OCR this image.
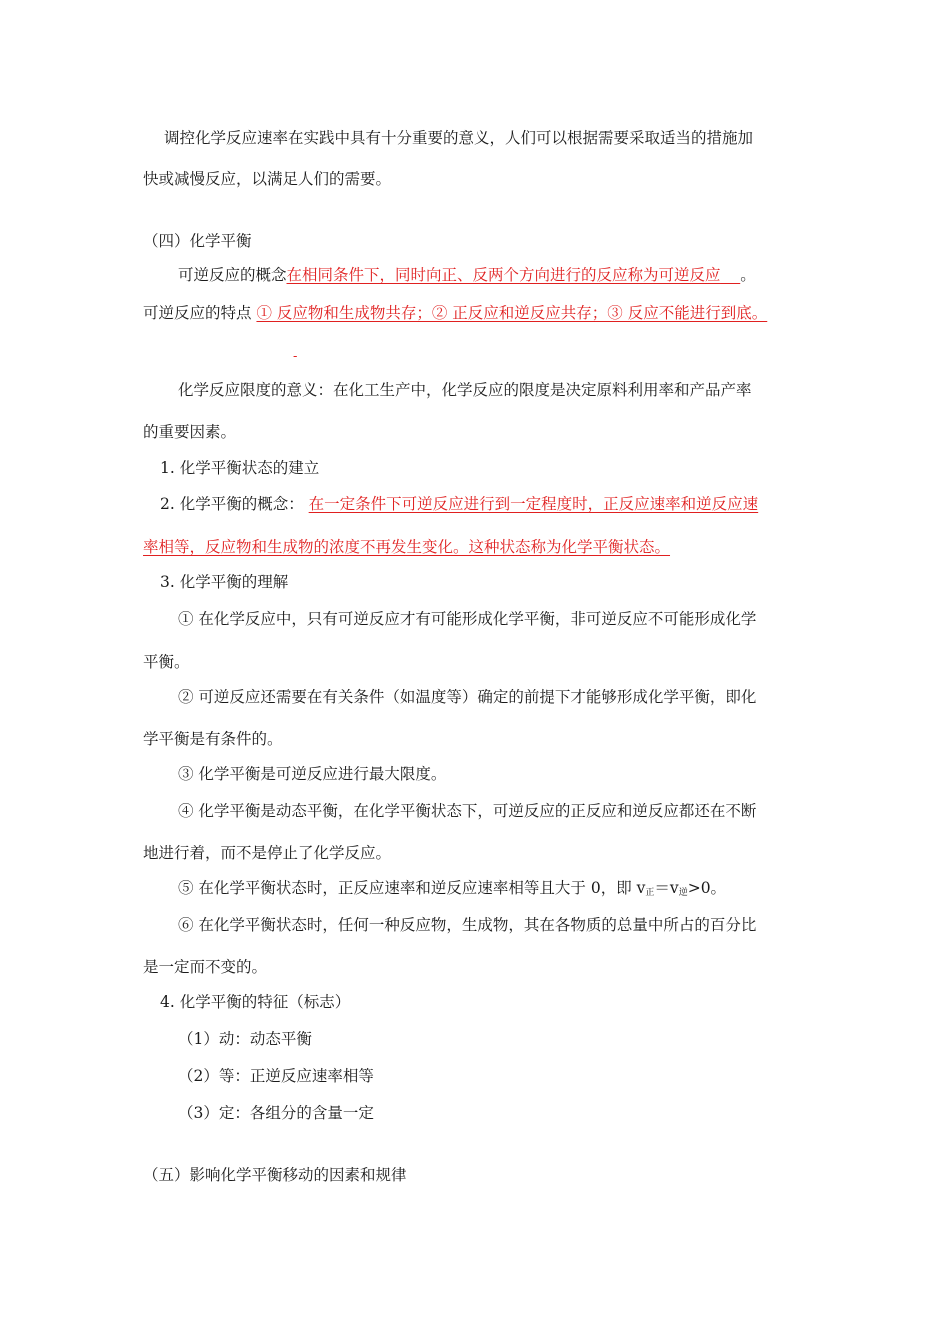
调控化学反应速率在实践中具有十分重要的意义，人们可以根据需要采取适当的措施加
快或减慢反应，以满足人们的需要。
（四）化学平衡
可逆反应的概念在相同条件下，同时向正、反两个方向进行的反应称为可逆反应 。
可逆反应的特点 ① 反应物和生成物共存；② 正反应和逆反应共存；③ 反应不能进行到底。
-
化学反应限度的意义：在化工生产中，化学反应的限度是决定原料利用率和产品产率
的重要因素。
1. 化学平衡状态的建立
2. 化学平衡的概念： 在一定条件下可逆反应进行到一定程度时，正反应速率和逆反应速
率相等，反应物和生成物的浓度不再发生变化。这种状态称为化学平衡状态。
3. 化学平衡的理解
① 在化学反应中，只有可逆反应才有可能形成化学平衡，非可逆反应不可能形成化学
平衡。
② 可逆反应还需要在有关条件（如温度等）确定的前提下才能够形成化学平衡，即化
学平衡是有条件的。
③ 化学平衡是可逆反应进行最大限度。
④ 化学平衡是动态平衡，在化学平衡状态下，可逆反应的正反应和逆反应都还在不断
地进行着，而不是停止了化学反应。
⑤ 在化学平衡状态时，正反应速率和逆反应速率相等且大于 0，即 $v_正=v_逆>0$。
⑥ 在化学平衡状态时，任何一种反应物，生成物，其在各物质的总量中所占的百分比
是一定而不变的。
4. 化学平衡的特征（标志）
（1）动：动态平衡
（2）等：正逆反应速率相等
（3）定：各组分的含量一定
（五）影响化学平衡移动的因素和规律
